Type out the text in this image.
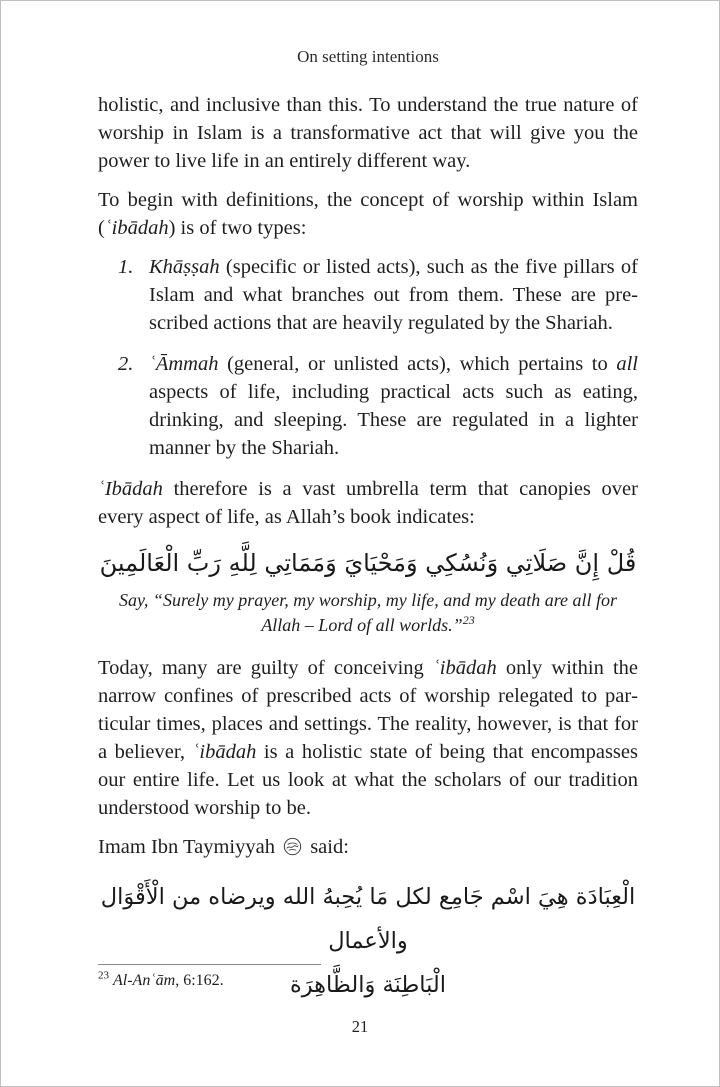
On setting intentions

holistic, and inclusive than this. To understand the true nature of worship in Islam is a transformative act that will give you the power to live life in an entirely different way.

To begin with definitions, the concept of worship within Islam (ʿibādah) is of two types:

1. Khāṣṣah (specific or listed acts), such as the five pillars of Islam and what branches out from them. These are prescribed actions that are heavily regulated by the Shariah.
2. ʿĀmmah (general, or unlisted acts), which pertains to all aspects of life, including practical acts such as eating, drinking, and sleeping. These are regulated in a lighter manner by the Shariah.

ʿIbādah therefore is a vast umbrella term that canopies over every aspect of life, as Allah’s book indicates:

قُلْ إِنَّ صَلَاتِي وَنُسُكِي وَمَحْيَايَ وَمَمَاتِي لِلَّهِ رَبِّ الْعَالَمِينَ
Say, “Surely my prayer, my worship, my life, and my death are all for Allah – Lord of all worlds.”$^{23}$

Today, many are guilty of conceiving ʿibādah only within the narrow confines of prescribed acts of worship relegated to particular times, places and settings. The reality, however, is that for a believer, ʿibādah is a holistic state of being that encompasses our entire life. Let us look at what the scholars of our tradition understood worship to be.

Imam Ibn Taymiyyah  said:

الْعِبَادَة هِيَ اسْم جَامِع لكل مَا يُحِبهُ الله ويرضاه من الْأَقْوَال والأعمال
الْبَاطِنَة وَالظَّاهِرَة
$^{23}$ Al-Anʿām, 6:162.
21
